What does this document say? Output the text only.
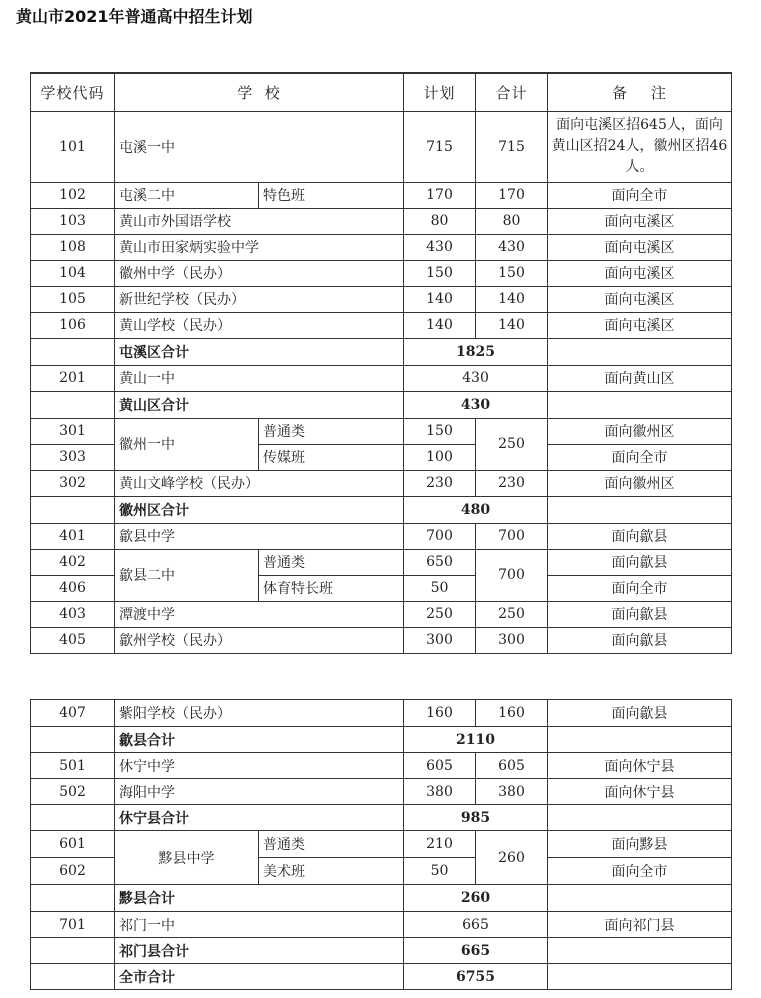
黄山市2021年普通高中招生计划
学校代码	学  校		计划	合计	备    注
101	屯溪一中		715	715	面向屯溪区招645人，面向黄山区招24人，徽州区招46人。
102	屯溪二中	特色班	170	170	面向全市
103	黄山市外国语学校		80	80	面向屯溪区
108	黄山市田家炳实验中学		430	430	面向屯溪区
104	徽州中学（民办）		150	150	面向屯溪区
105	新世纪学校（民办）		140	140	面向屯溪区
106	黄山学校（民办）		140	140	面向屯溪区
	屯溪区合计		1825		
201	黄山一中		430		面向黄山区
	黄山区合计		430		
301	徽州一中	普通类	150	250	面向徽州区
303		传媒班	100		面向全市
302	黄山文峰学校（民办）		230	230	面向徽州区
	徽州区合计		480		
401	歙县中学		700	700	面向歙县
402	歙县二中	普通类	650	700	面向歙县
406		体育特长班	50		面向全市
403	潭渡中学		250	250	面向歙县
405	歙州学校（民办）		300	300	面向歙县
407	紫阳学校（民办）		160	160	面向歙县
	歙县合计		2110		
501	休宁中学		605	605	面向休宁县
502	海阳中学		380	380	面向休宁县
	休宁县合计		985		
601	黟县中学	普通类	210	260	面向黟县
602		美术班	50		面向全市
	黟县合计		260		
701	祁门一中		665		面向祁门县
	祁门县合计		665		
	全市合计		6755		
